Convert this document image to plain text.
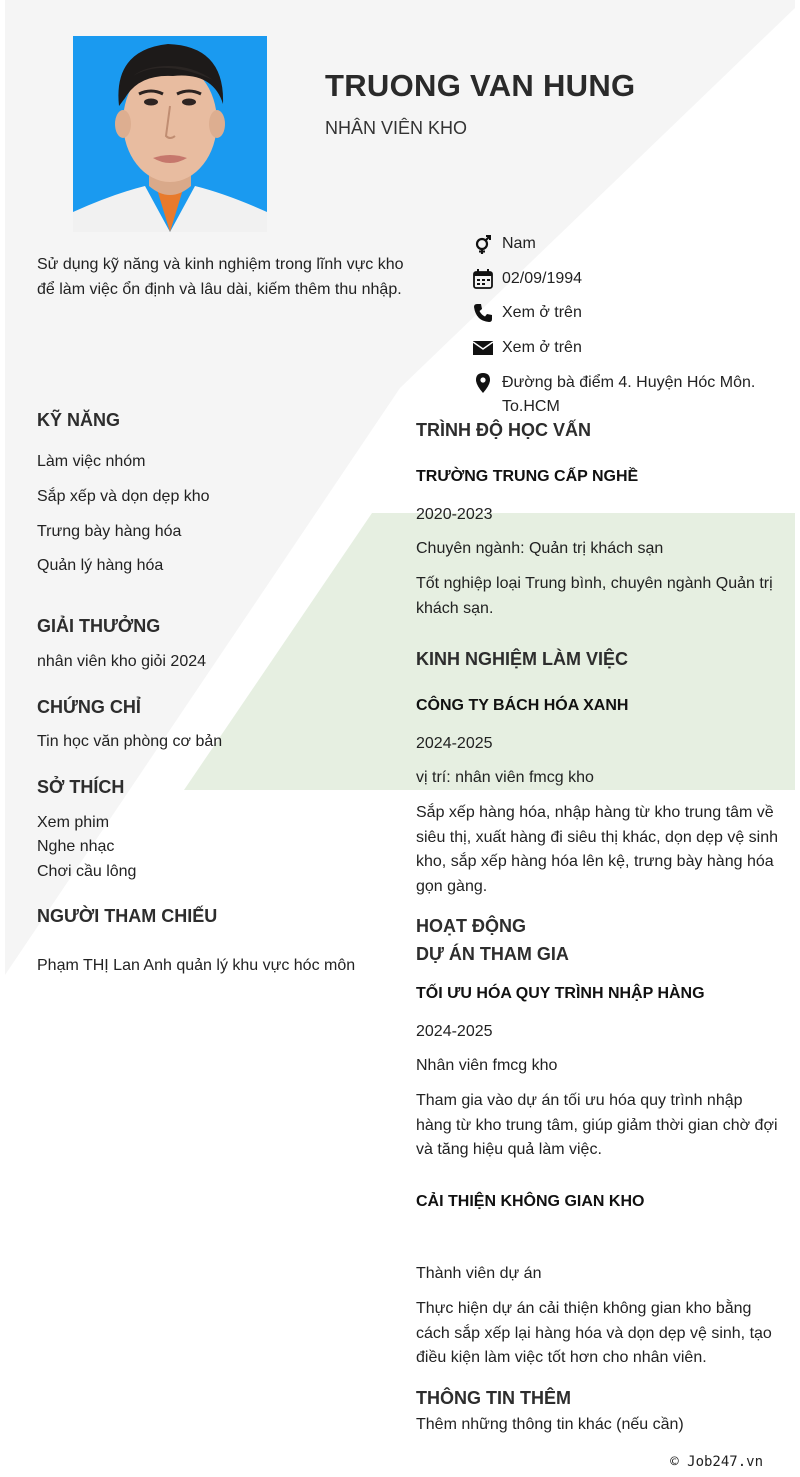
TRUONG VAN HUNG
NHÂN VIÊN KHO
Sử dụng kỹ năng và kinh nghiệm trong lĩnh vực kho để làm việc ổn định và lâu dài, kiếm thêm thu nhập.
Nam
02/09/1994
Xem ở trên
Xem ở trên
Đường bà điểm 4. Huyện Hóc Môn. To.HCM
KỸ NĂNG
Làm việc nhóm
Sắp xếp và dọn dẹp kho
Trưng bày hàng hóa
Quản lý hàng hóa
GIẢI THƯỞNG
nhân viên kho giỏi 2024
CHỨNG CHỈ
Tin học văn phòng cơ bản
SỞ THÍCH
Xem phim
Nghe nhạc
Chơi cầu lông
NGƯỜI THAM CHIẾU
Phạm THỊ Lan Anh quản lý khu vực hóc môn
TRÌNH ĐỘ HỌC VẤN
TRƯỜNG TRUNG CẤP NGHỀ
2020-2023
Chuyên ngành: Quản trị khách sạn
Tốt nghiệp loại Trung bình, chuyên ngành Quản trị khách sạn.
KINH NGHIỆM LÀM VIỆC
CÔNG TY BÁCH HÓA XANH
2024-2025
vị trí: nhân viên fmcg kho
Sắp xếp hàng hóa, nhập hàng từ kho trung tâm về siêu thị, xuất hàng đi siêu thị khác, dọn dẹp vệ sinh kho, sắp xếp hàng hóa lên kệ, trưng bày hàng hóa gọn gàng.
HOẠT ĐỘNG
DỰ ÁN THAM GIA
TỐI ƯU HÓA QUY TRÌNH NHẬP HÀNG
2024-2025
Nhân viên fmcg kho
Tham gia vào dự án tối ưu hóa quy trình nhập hàng từ kho trung tâm, giúp giảm thời gian chờ đợi và tăng hiệu quả làm việc.
CẢI THIỆN KHÔNG GIAN KHO
Thành viên dự án
Thực hiện dự án cải thiện không gian kho bằng cách sắp xếp lại hàng hóa và dọn dẹp vệ sinh, tạo điều kiện làm việc tốt hơn cho nhân viên.
THÔNG TIN THÊM
Thêm những thông tin khác (nếu cần)
© Job247.vn
